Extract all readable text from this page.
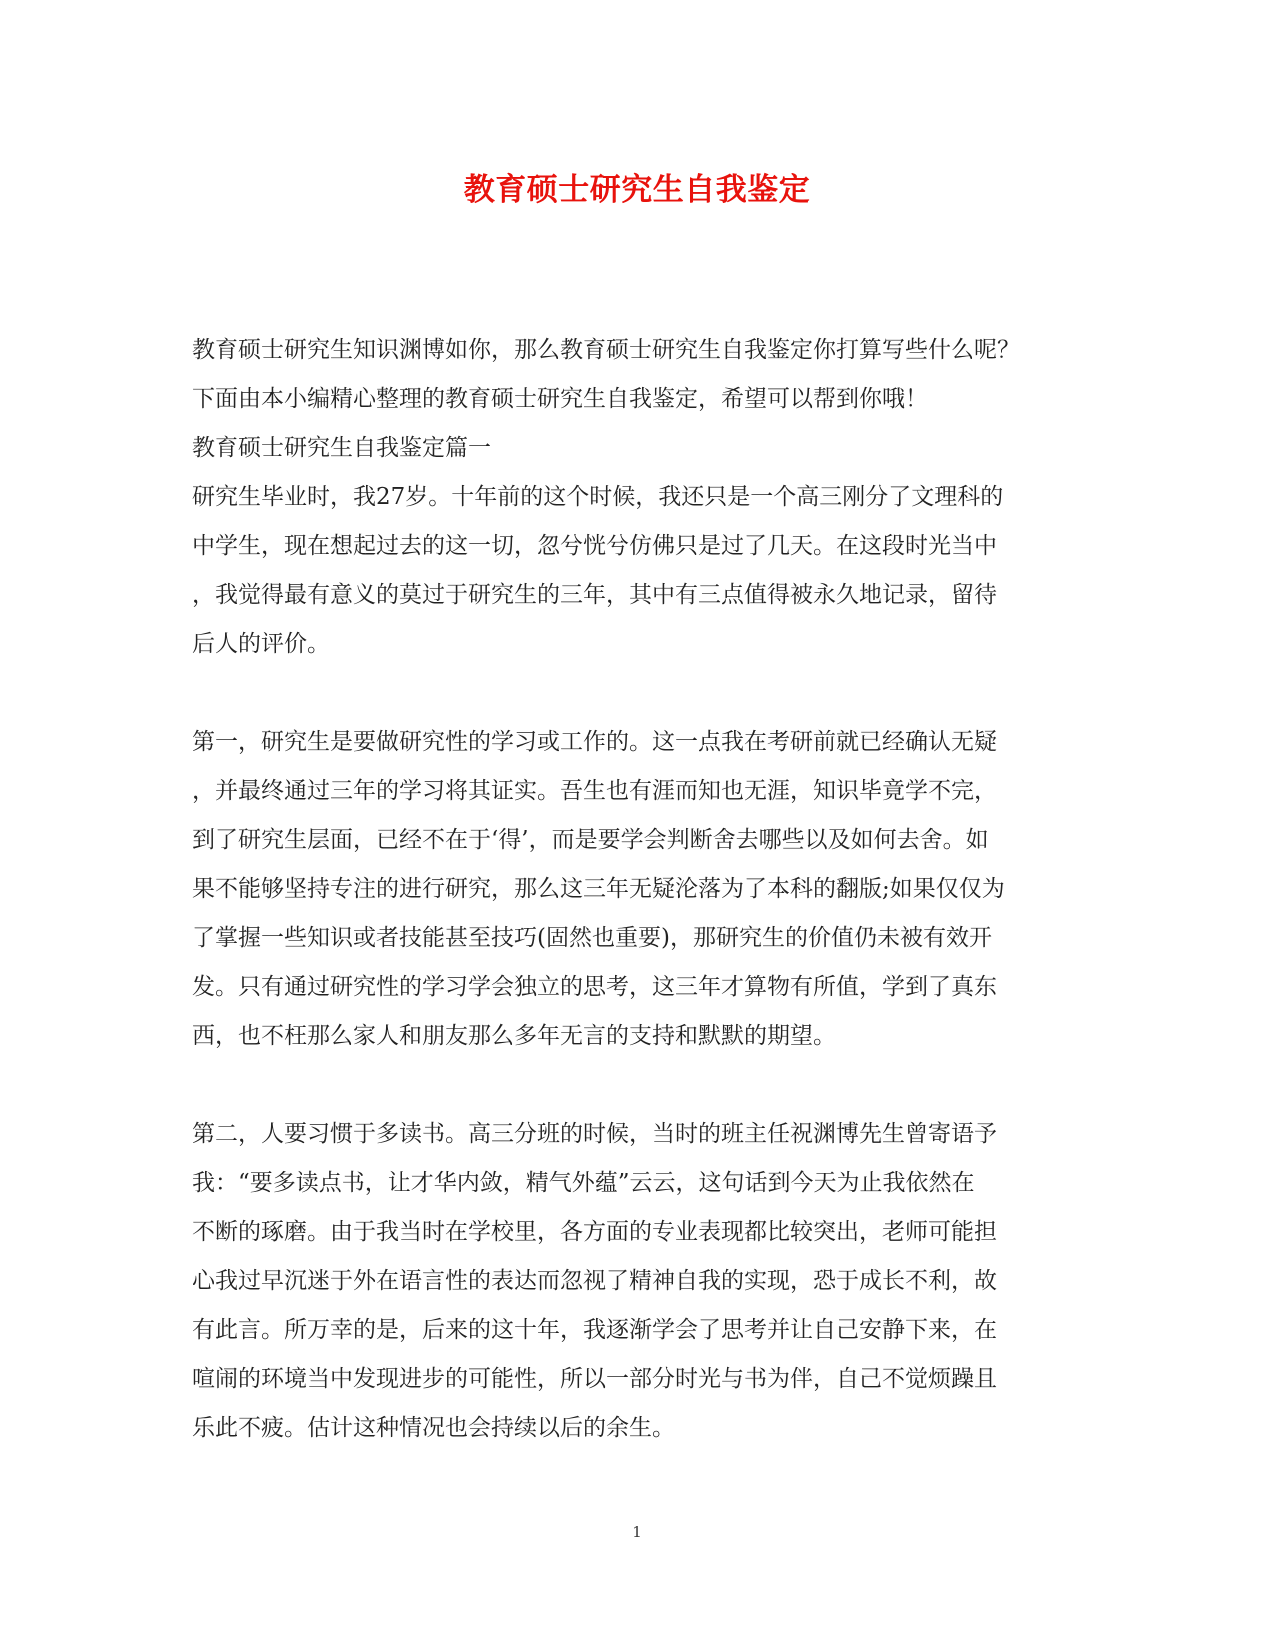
教育硕士研究生自我鉴定
教育硕士研究生知识渊博如你，那么教育硕士研究生自我鉴定你打算写些什么呢？
下面由本小编精心整理的教育硕士研究生自我鉴定，希望可以帮到你哦！
教育硕士研究生自我鉴定篇一
研究生毕业时，我27岁。十年前的这个时候，我还只是一个高三刚分了文理科的
中学生，现在想起过去的这一切，忽兮恍兮仿佛只是过了几天。在这段时光当中
，我觉得最有意义的莫过于研究生的三年，其中有三点值得被永久地记录，留待
后人的评价。
第一，研究生是要做研究性的学习或工作的。这一点我在考研前就已经确认无疑
，并最终通过三年的学习将其证实。吾生也有涯而知也无涯，知识毕竟学不完，
到了研究生层面，已经不在于‘得’，而是要学会判断舍去哪些以及如何去舍。如
果不能够坚持专注的进行研究，那么这三年无疑沦落为了本科的翻版;如果仅仅为
了掌握一些知识或者技能甚至技巧(固然也重要)，那研究生的价值仍未被有效开
发。只有通过研究性的学习学会独立的思考，这三年才算物有所值，学到了真东
西，也不枉那么家人和朋友那么多年无言的支持和默默的期望。
第二，人要习惯于多读书。高三分班的时候，当时的班主任祝渊博先生曾寄语予
我：“要多读点书，让才华内敛，精气外蕴”云云，这句话到今天为止我依然在
不断的琢磨。由于我当时在学校里，各方面的专业表现都比较突出，老师可能担
心我过早沉迷于外在语言性的表达而忽视了精神自我的实现，恐于成长不利，故
有此言。所万幸的是，后来的这十年，我逐渐学会了思考并让自己安静下来，在
喧闹的环境当中发现进步的可能性，所以一部分时光与书为伴，自己不觉烦躁且
乐此不疲。估计这种情况也会持续以后的余生。
1
